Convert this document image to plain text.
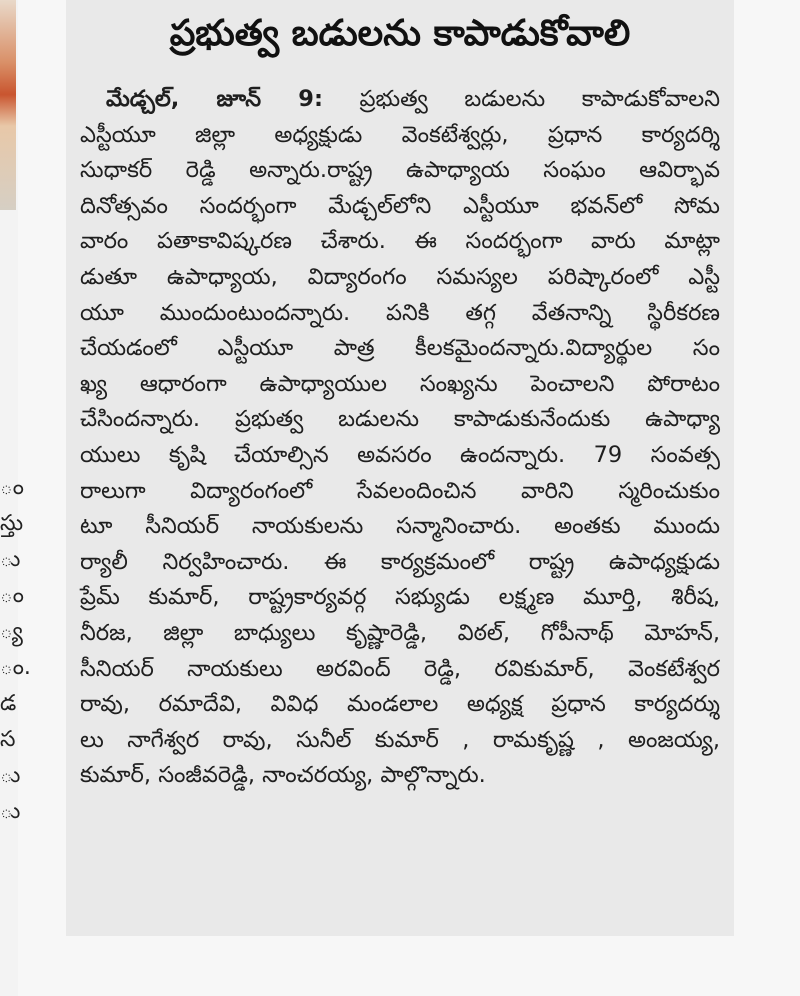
ం
స్తు
ు
ం
్య
ం.
డ
స
ు
ు
ప్రభుత్వ బడులను కాపాడుకోవాలి
మేడ్చల్, జూన్ 9: ప్రభుత్వ బడులను కాపాడుకోవాలని
ఎస్టీయూ జిల్లా అధ్యక్షుడు వెంకటేశ్వర్లు, ప్రధాన కార్యదర్శి
సుధాకర్ రెడ్డి అన్నారు.రాష్ట్ర ఉపాధ్యాయ సంఘం ఆవిర్భావ
దినోత్సవం సందర్భంగా మేడ్చల్‌లోని ఎస్టీయూ భవన్‌లో సోమ
వారం పతాకావిష్కరణ చేశారు. ఈ సందర్భంగా వారు మాట్లా
డుతూ ఉపాధ్యాయ, విద్యారంగం సమస్యల పరిష్కారంలో ఎస్టీ
యూ ముందుంటుందన్నారు. పనికి తగ్గ వేతనాన్ని స్థిరీకరణ
చేయడంలో ఎస్టీయూ పాత్ర కీలకమైందన్నారు.విద్యార్థుల సం
ఖ్య ఆధారంగా ఉపాధ్యాయుల సంఖ్యను పెంచాలని పోరాటం
చేసిందన్నారు. ప్రభుత్వ బడులను కాపాడుకునేందుకు ఉపాధ్యా
యులు కృషి చేయాల్సిన అవసరం ఉందన్నారు. 79 సంవత్స
రాలుగా విద్యారంగంలో సేవలందించిన వారిని స్మరించుకుం
టూ సీనియర్ నాయకులను సన్మానించారు. అంతకు ముందు
ర్యాలీ నిర్వహించారు. ఈ కార్యక్రమంలో రాష్ట్ర ఉపాధ్యక్షుడు
ప్రేమ్ కుమార్, రాష్ట్రకార్యవర్గ సభ్యుడు లక్ష్మణ మూర్తి, శిరీష,
నీరజ, జిల్లా బాధ్యులు కృష్ణారెడ్డి, విఠల్, గోపీనాథ్ మోహన్,
సీనియర్ నాయకులు అరవింద్ రెడ్డి, రవికుమార్, వెంకటేశ్వర
రావు, రమాదేవి, వివిధ మండలాల అధ్యక్ష ప్రధాన కార్యదర్శు
లు నాగేశ్వర రావు, సునీల్ కుమార్ , రామకృష్ణ , అంజయ్య,
కుమార్, సంజీవరెడ్డి, నాంచరయ్య, పాల్గొన్నారు.
